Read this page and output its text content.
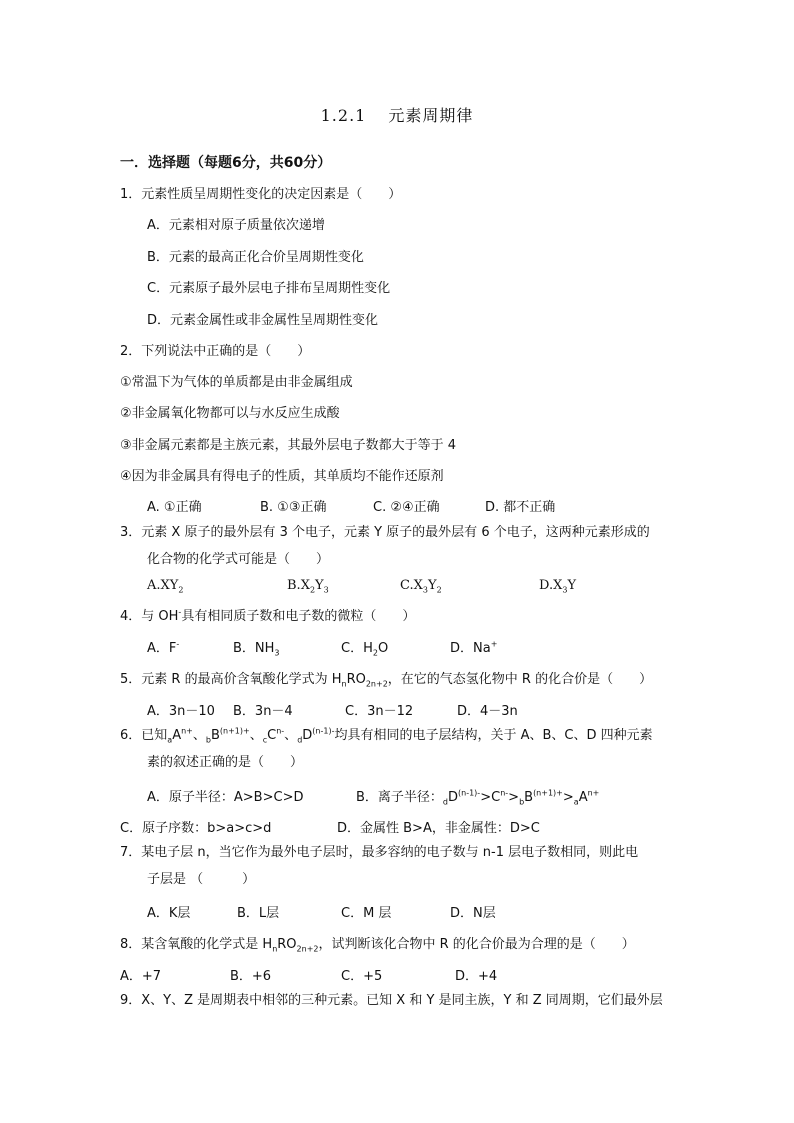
1.2.1 元素周期律
一．选择题（每题6分，共60分）
1．元素性质呈周期性变化的决定因素是（　　）
A．元素相对原子质量依次递增
B．元素的最高正化合价呈周期性变化
C．元素原子最外层电子排布呈周期性变化
D．元素金属性或非金属性呈周期性变化
2．下列说法中正确的是（　　）
①常温下为气体的单质都是由非金属组成
②非金属氧化物都可以与水反应生成酸
③非金属元素都是主族元素，其最外层电子数都大于等于 4
④因为非金属具有得电子的性质，其单质均不能作还原剂
A. ①正确	B. ①③正确	C. ②④正确	D. 都不正确
3．元素 X 原子的最外层有 3 个电子，元素 Y 原子的最外层有 6 个电子，这两种元素形成的
化合物的化学式可能是（　　）
$A.XY_2$	$B.X_2Y_3$	$C.X_3Y_2$	$D.X_3Y$
4．与 OH-具有相同质子数和电子数的微粒（　　）
A．F-	B．$NH_3$	C．$H_2O$	D．Na+
5．元素 R 的最高价含氧酸化学式为 $H_nRO_{2n+2}$，在它的气态氢化物中 R 的化合价是（　　）
A．3n－10 B．3n－4	C．3n－12	D．4－3n
6．已知$_aA^{n+}$、$_bB^{(n+1)+}$、$_cC^{n-}$、$_dD^{(n-1)-}$均具有相同的电子层结构，关于 A、B、C、D 四种元素
素的叙述正确的是（　　）
A．原子半径：A>B>C>D	B．离子半径：$_dD^{(n-1)-}>C^{n-}>_bB^{(n+1)+}>_aA^{n+}$
C．原子序数：b>a>c>d	D．金属性 B>A，非金属性：D>C
7．某电子层 n，当它作为最外电子层时，最多容纳的电子数与 n-1 层电子数相同，则此电
子层是 （　　　）
A．K层	B．L层	C．M 层	D．N层
8．某含氧酸的化学式是 $H_nRO_{2n+2}$，试判断该化合物中 R 的化合价最为合理的是（　　）
A．+7	B．+6	C．+5	D．+4
9．X、Y、Z 是周期表中相邻的三种元素。已知 X 和 Y 是同主族，Y 和 Z 同周期，它们最外层
